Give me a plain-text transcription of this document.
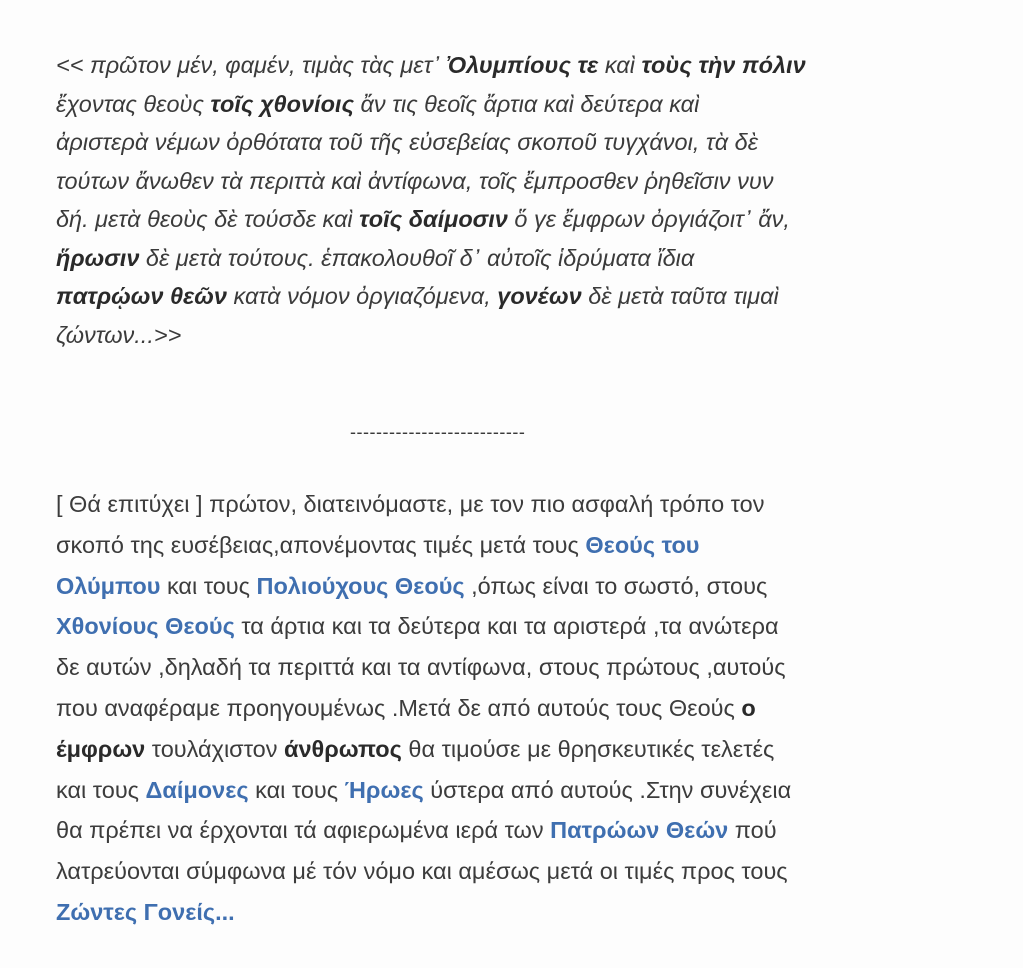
<< πρῶτον μέν, φαμέν, τιμὰς τὰς μετ᾽ Ὀλυμπίους τε καὶ τοὺς τὴν πόλιν
ἔχοντας θεοὺς τοῖς χθονίοις ἄν τις θεοῖς ἄρτια καὶ δεύτερα καὶ
ἀριστερὰ νέμων ὀρθότατα τοῦ τῆς εὐσεβείας σκοποῦ τυγχάνοι, τὰ δὲ
τούτων ἄνωθεν τὰ περιττὰ καὶ ἀντίφωνα, τοῖς ἔμπροσθεν ῥηθεῖσιν νυν
δή. μετὰ θεοὺς δὲ τούσδε καὶ τοῖς δαίμοσιν ὅ γε ἔμφρων ὀργιάζοιτ᾽ ἄν,
ἥρωσιν δὲ μετὰ τούτους. ἑπακολουθοῖ δ᾽ αὐτοῖς ἱδρύματα ἴδια
πατρῴων θεῶν κατὰ νόμον ὀργιαζόμενα, γονέων δὲ μετὰ ταῦτα τιμαὶ
ζώντων...>>
---------------------------
[ Θά επιτύχει ] πρώτον, διατεινόμαστε, με τον πιο ασφαλή τρόπο τον
σκοπό της ευσέβειας,απονέμοντας τιμές μετά τους Θεούς του
Ολύμπου και τους Πολιούχους Θεούς ,όπως είναι το σωστό, στους
Χθονίους Θεούς τα άρτια και τα δεύτερα και τα αριστερά ,τα ανώτερα
δε αυτών ,δηλαδή τα περιττά και τα αντίφωνα, στους πρώτους ,αυτούς
που αναφέραμε προηγουμένως .Μετά δε από αυτούς τους Θεούς ο
έμφρων τουλάχιστον άνθρωπος θα τιμούσε με θρησκευτικές τελετές
και τους Δαίμονες και τους Ήρωες ύστερα από αυτούς .Στην συνέχεια
θα πρέπει να έρχονται τά αφιερωμένα ιερά των Πατρώων Θεών πού
λατρεύονται σύμφωνα μέ τόν νόμο και αμέσως μετά οι τιμές προς τους
Ζώντες Γονείς...
